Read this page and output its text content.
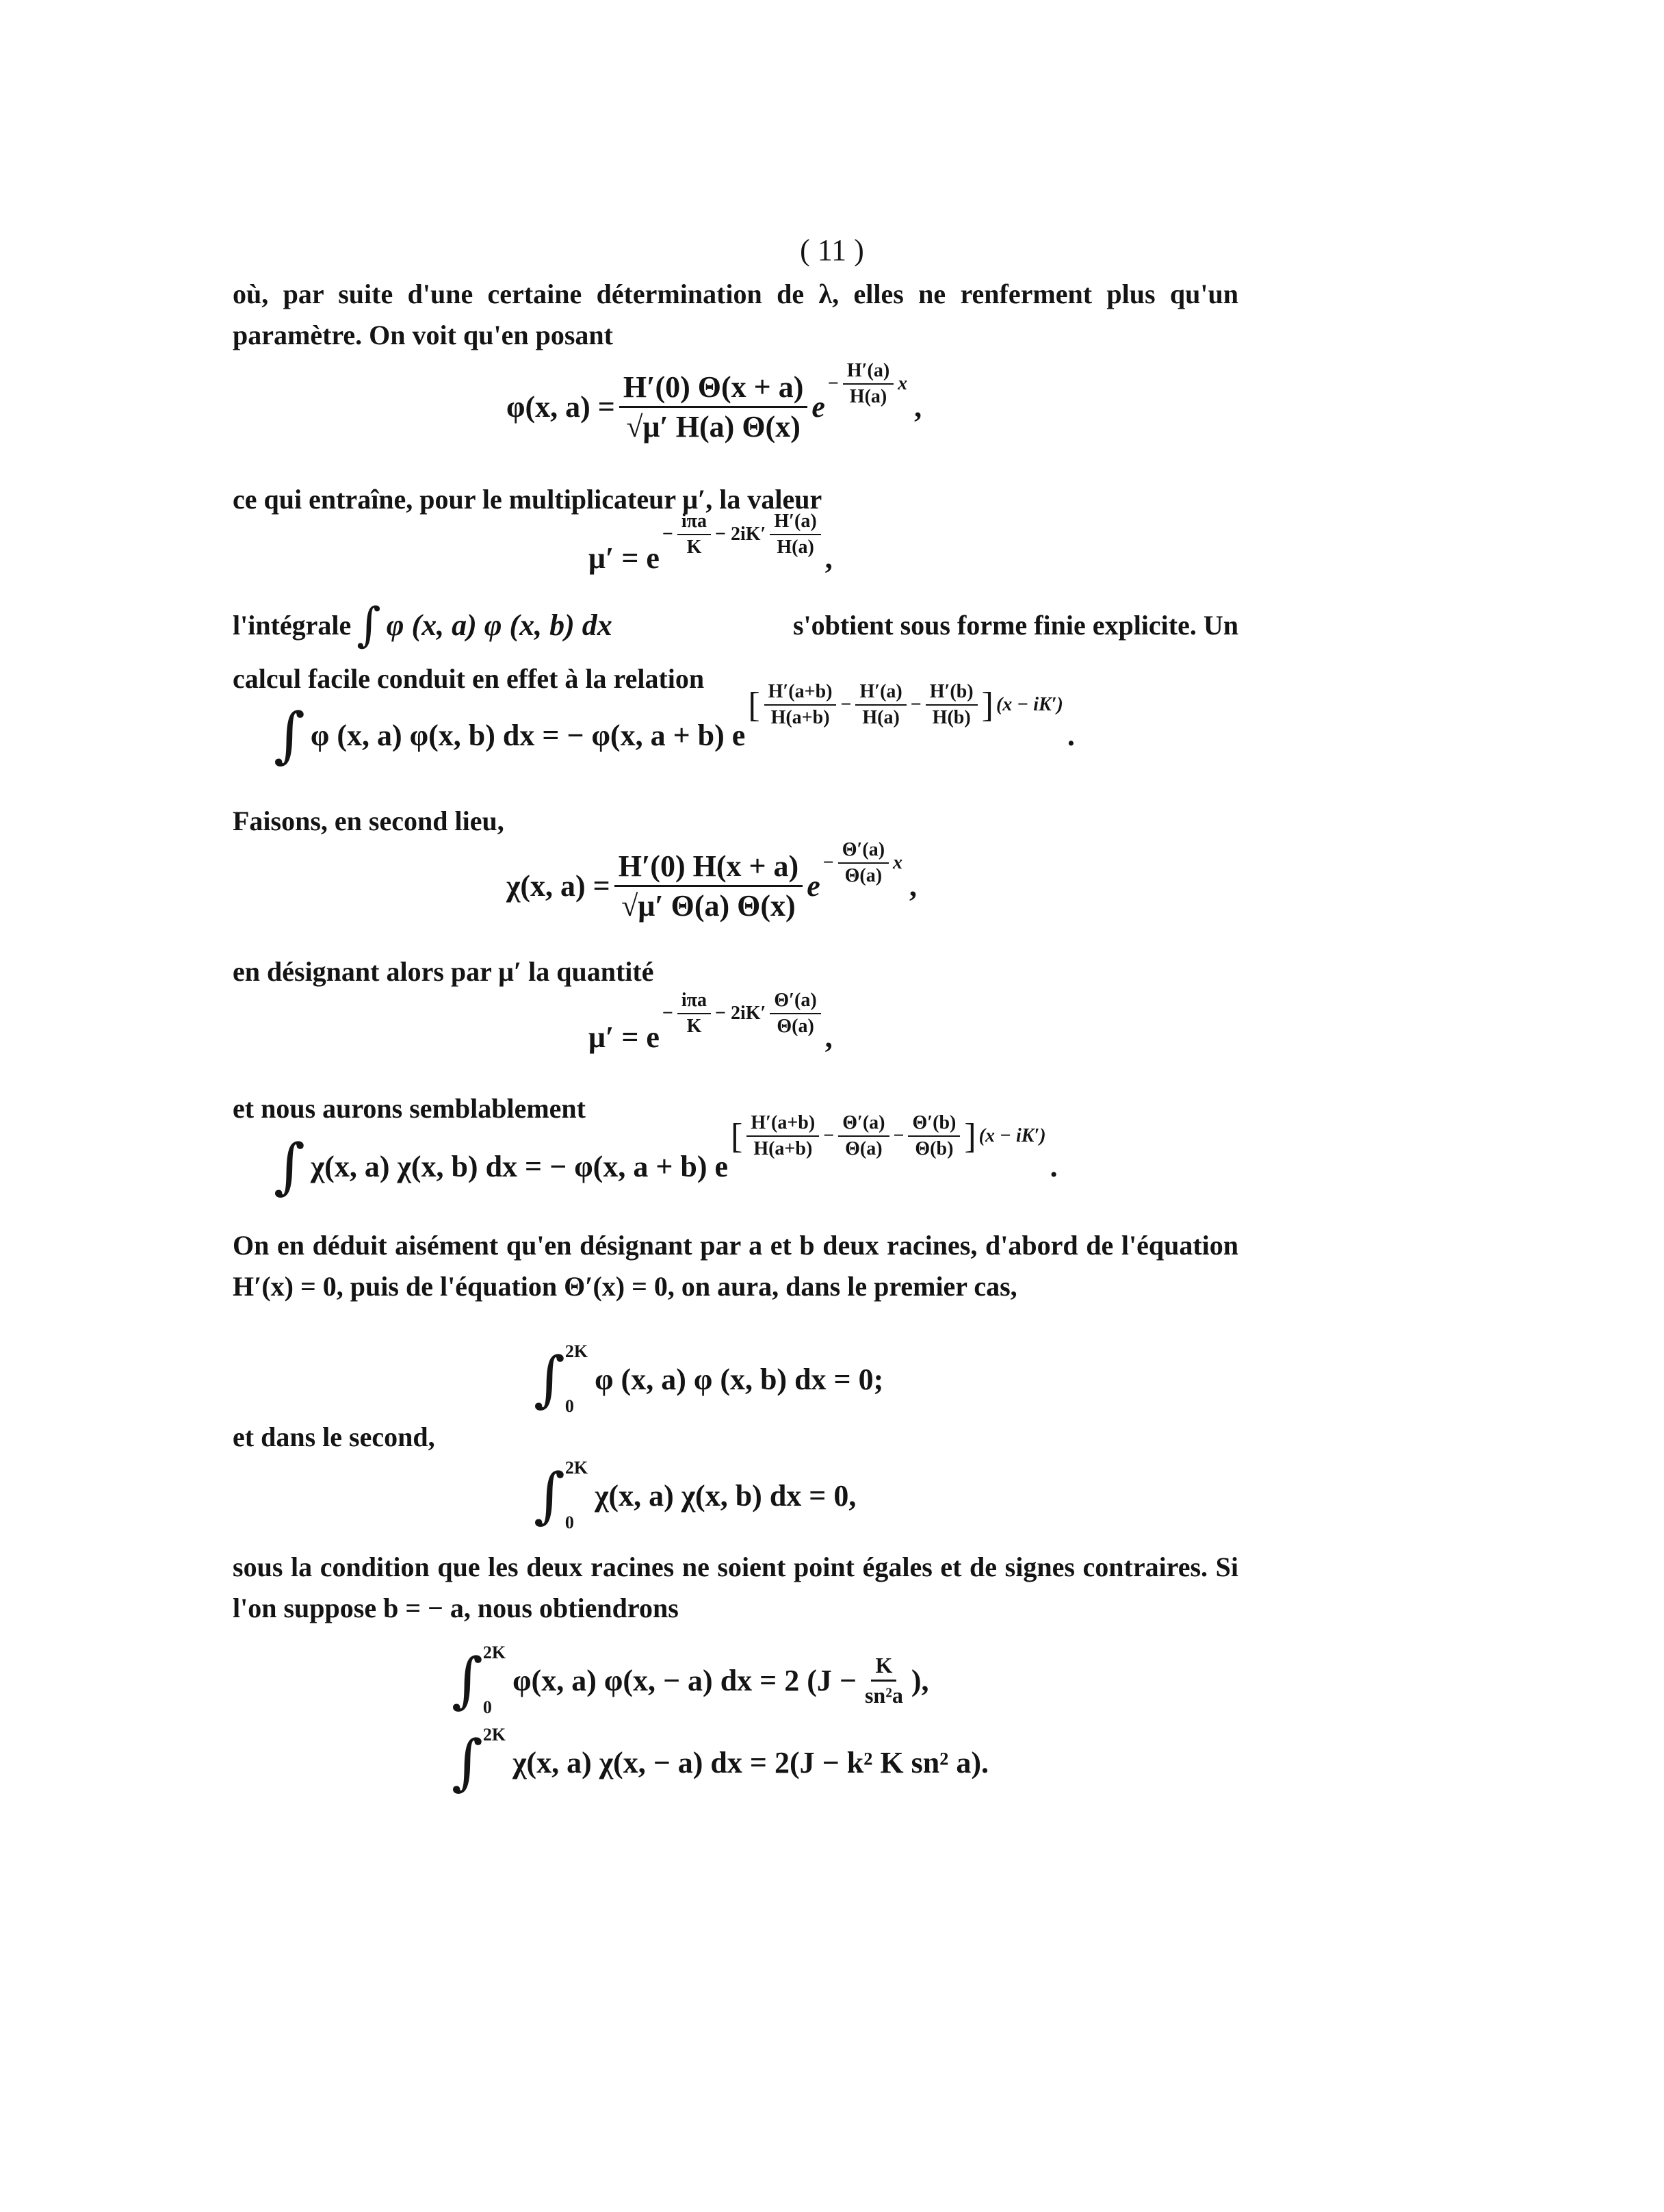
( 11 )
où, par suite d'une certaine détermination de λ, elles ne renferment plus qu'un paramètre. On voit qu'en posant
φ(x, $a) = \frac{H'(0) \Theta(x + a)}{√\mu' H(a) \Theta(x)}$ e
− $\frac{H'(a)}{H(a)}$ x
,
ce qui entraîne, pour le multiplicateur μ′, la valeur
μ′ = e
− $\frac{\text{iπa}}{K} - 2iK' \frac{H'(a)}{H(a)}$ ,
l'intégrale ∫ φ (x, a) φ (x, b) dx	s'obtient sous forme finie explicite. Un
calcul facile conduit en effet à la relation
∫ φ (x, a) φ(x, b) dx = − φ(x, a + b) e
[ $\frac{H'(a+b)}{H(a+b)} - \frac{H'(a)}{H(a)} - \frac{H'(b)}{H(b)}$ ] (x − iK′)
.
Faisons, en second lieu,
χ(x, $a) = \frac{H'(0) H(x + a)}{√\mu' \Theta(a) \Theta(x)}$ e
− $\frac{\Theta'(a)}{\Theta(a)}$ x
,
en désignant alors par μ′ la quantité
μ′ = e
− $\frac{\text{iπa}}{K} - 2iK' \frac{\Theta'(a)}{\Theta(a)}$ ,
et nous aurons semblablement
∫ χ(x, a) χ(x, b) dx = − φ(x, a + b) e
[ $\frac{H'(a+b)}{H(a+b)} - \frac{\Theta'(a)}{\Theta(a)} - \frac{\Theta'(b)}{\Theta(b)}$ ] (x − iK′)
.
On en déduit aisément qu'en désignant par a et b deux racines, d'abord de l'équation H′(x) = 0, puis de l'équation Θ′(x) = 0, on aura, dans le premier cas,
∫ 2K
0
φ (x, a) φ (x, b) dx = 0;
et dans le second,
∫ 2K
0
χ(x, a) χ(x, b) dx = 0,
sous la condition que les deux racines ne soient point égales et de signes contraires. Si l'on suppose b = − a, nous obtiendrons
∫ 2K
0
φ(x, a) φ(x, − a) dx = 2 ($J - \frac{K}{\text{sn²a}}$ ),
∫ 2K
χ(x, a) χ(x, − a) dx = 2(J − k² K sn² a).
